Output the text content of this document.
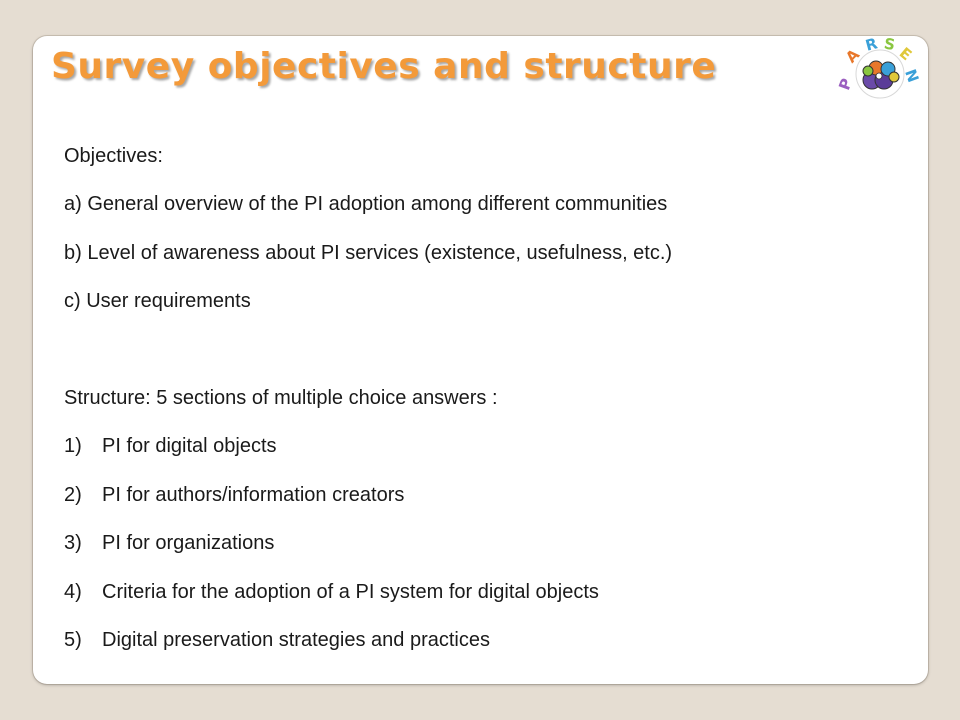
Survey objectives and structure	P
A
R S E
N
Objectives:
a) General overview of the PI adoption among different communities
b) Level of awareness about PI services (existence, usefulness, etc.)
c) User requirements
Structure: 5 sections of multiple choice answers :
1)	PI for digital objects
2)	PI for authors/information creators
3)	PI for organizations
4)	Criteria for the adoption of a PI system for digital objects
5)	Digital preservation strategies and practices
